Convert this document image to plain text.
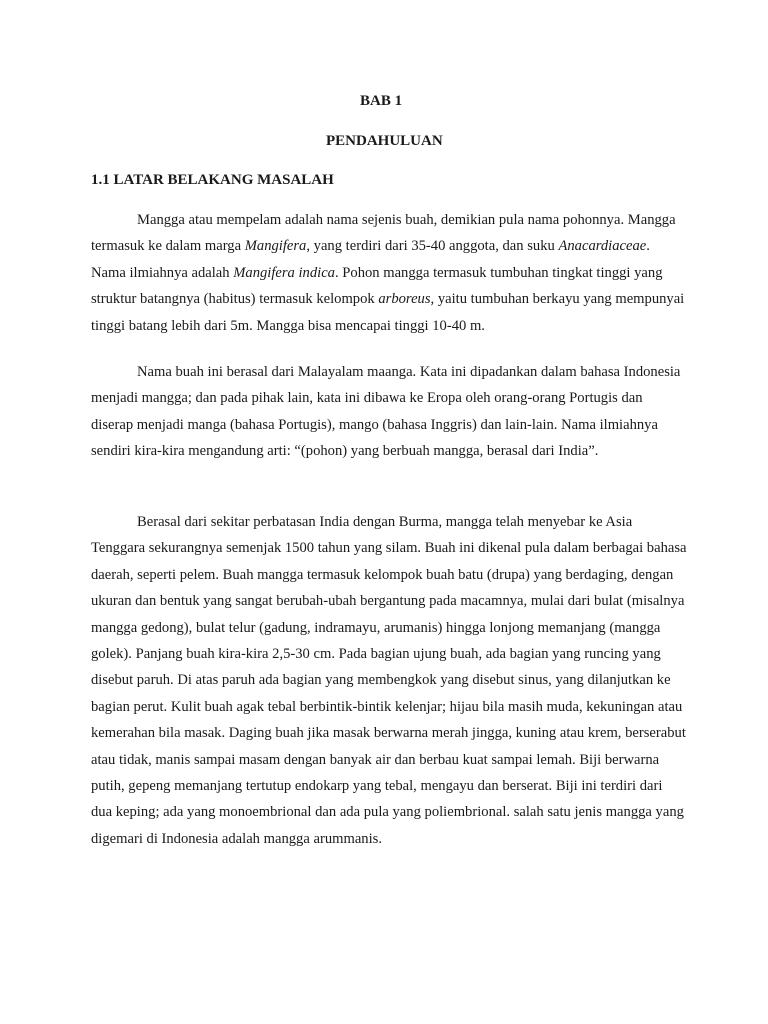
BAB 1
PENDAHULUAN
1.1 LATAR BELAKANG MASALAH

Mangga atau mempelam adalah nama sejenis buah, demikian pula nama pohonnya. Mangga termasuk ke dalam marga Mangifera, yang terdiri dari 35-40 anggota, dan suku Anacardiaceae. Nama ilmiahnya adalah Mangifera indica. Pohon mangga termasuk tumbuhan tingkat tinggi yang struktur batangnya (habitus) termasuk kelompok arboreus, yaitu tumbuhan berkayu yang mempunyai tinggi batang lebih dari 5m. Mangga bisa mencapai tinggi 10-40 m.

Nama buah ini berasal dari Malayalam maanga. Kata ini dipadankan dalam bahasa Indonesia menjadi mangga; dan pada pihak lain, kata ini dibawa ke Eropa oleh orang-orang Portugis dan diserap menjadi manga (bahasa Portugis), mango (bahasa Inggris) dan lain-lain. Nama ilmiahnya sendiri kira-kira mengandung arti: “(pohon) yang berbuah mangga, berasal dari India”.

Berasal dari sekitar perbatasan India dengan Burma, mangga telah menyebar ke Asia Tenggara sekurangnya semenjak 1500 tahun yang silam. Buah ini dikenal pula dalam berbagai bahasa daerah, seperti pelem. Buah mangga termasuk kelompok buah batu (drupa) yang berdaging, dengan ukuran dan bentuk yang sangat berubah-ubah bergantung pada macamnya, mulai dari bulat (misalnya mangga gedong), bulat telur (gadung, indramayu, arumanis) hingga lonjong memanjang (mangga golek). Panjang buah kira-kira 2,5-30 cm. Pada bagian ujung buah, ada bagian yang runcing yang disebut paruh. Di atas paruh ada bagian yang membengkok yang disebut sinus, yang dilanjutkan ke bagian perut. Kulit buah agak tebal berbintik-bintik kelenjar; hijau bila masih muda, kekuningan atau kemerahan bila masak. Daging buah jika masak berwarna merah jingga, kuning atau krem, berserabut atau tidak, manis sampai masam dengan banyak air dan berbau kuat sampai lemah. Biji berwarna putih, gepeng memanjang tertutup endokarp yang tebal, mengayu dan berserat. Biji ini terdiri dari dua keping; ada yang monoembrional dan ada pula yang poliembrional. salah satu jenis mangga yang digemari di Indonesia adalah mangga arummanis.
